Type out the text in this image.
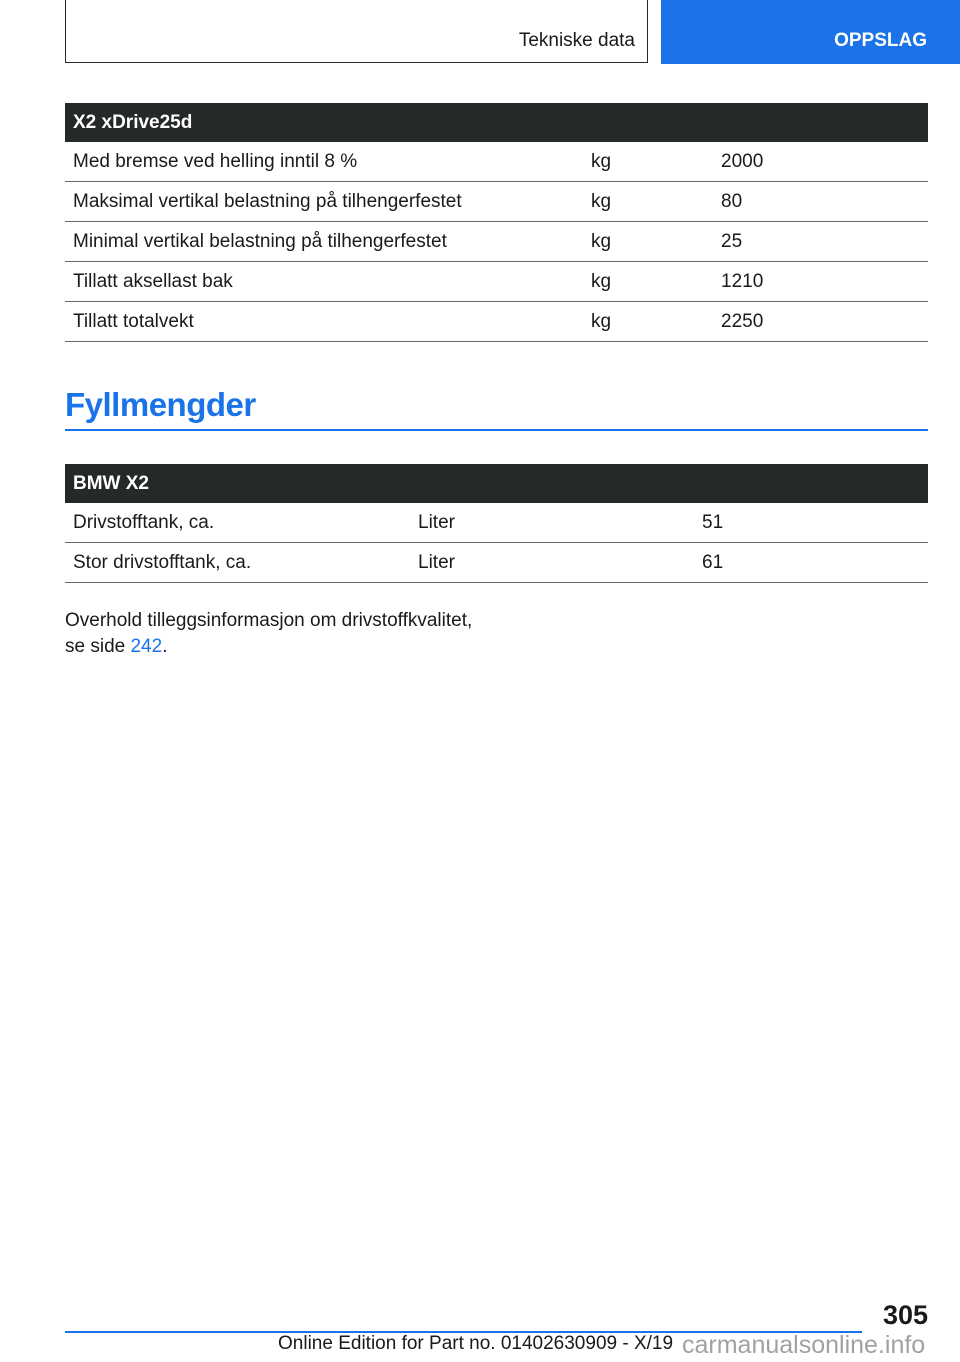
Tekniske data	OPPSLAG
X2 xDrive25d		
Med bremse ved helling inntil 8 %	kg	2000
Maksimal vertikal belastning på tilhengerfestet	kg	80
Minimal vertikal belastning på tilhengerfestet	kg	25
Tillatt aksellast bak	kg	1210
Tillatt totalvekt	kg	2250
Fyllmengder
BMW X2		
Drivstofftank, ca.	Liter	51
Stor drivstofftank, ca.	Liter	61
Overhold tilleggsinformasjon om drivstoffkvalitet,
se side 242.
305
Online Edition for Part no. 01402630909 - X/19 carmanualsonline.info
